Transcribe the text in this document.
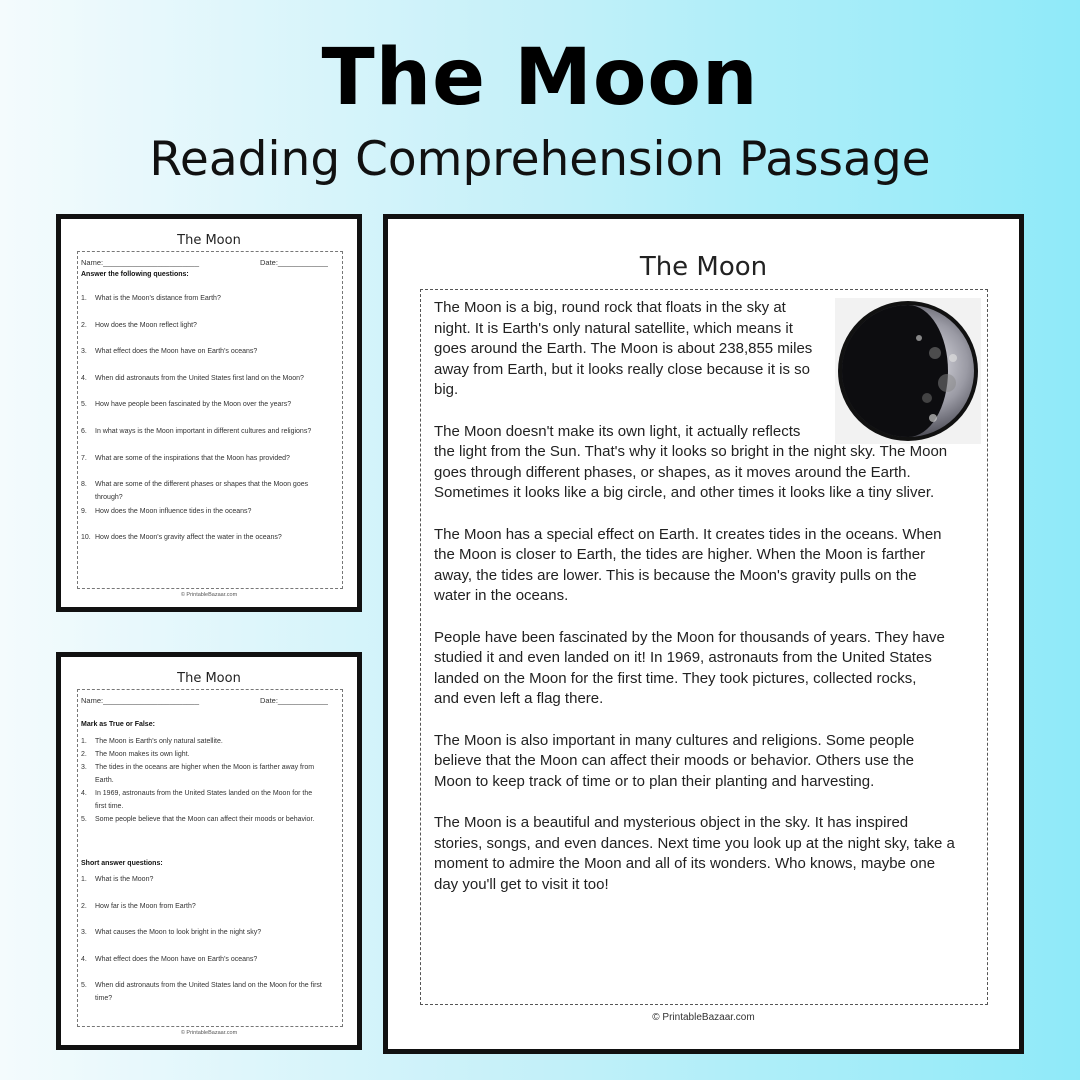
The Moon
Reading Comprehension Passage
The Moon
Name:_______________________	Date:____________
Answer the following questions:
1. What is the Moon's distance from Earth?
2. How does the Moon reflect light?
3. What effect does the Moon have on Earth's oceans?
4. When did astronauts from the United States first land on the Moon?
5. How have people been fascinated by the Moon over the years?
6. In what ways is the Moon important in different cultures and religions?
7. What are some of the inspirations that the Moon has provided?
8. What are some of the different phases or shapes that the Moon goes through?
9. How does the Moon influence tides in the oceans?
10. How does the Moon's gravity affect the water in the oceans?
© PrintableBazaar.com
The Moon
Name:_______________________	Date:____________
Mark as True or False:
1. The Moon is Earth's only natural satellite.
2. The Moon makes its own light.
3. The tides in the oceans are higher when the Moon is farther away from Earth.
4. In 1969, astronauts from the United States landed on the Moon for the first time.
5. Some people believe that the Moon can affect their moods or behavior.
Short answer questions:
1. What is the Moon?
2. How far is the Moon from Earth?
3. What causes the Moon to look bright in the night sky?
4. What effect does the Moon have on Earth's oceans?
5. When did astronauts from the United States land on the Moon for the first time?
© PrintableBazaar.com
The Moon
The Moon is a big, round rock that floats in the sky at
night. It is Earth's only natural satellite, which means it
goes around the Earth. The Moon is about 238,855 miles
away from Earth, but it looks really close because it is so
big.
The Moon doesn't make its own light, it actually reflects
the light from the Sun. That's why it looks so bright in the night sky. The Moon
goes through different phases, or shapes, as it moves around the Earth.
Sometimes it looks like a big circle, and other times it looks like a tiny sliver.
The Moon has a special effect on Earth. It creates tides in the oceans. When
the Moon is closer to Earth, the tides are higher. When the Moon is farther
away, the tides are lower. This is because the Moon's gravity pulls on the
water in the oceans.
People have been fascinated by the Moon for thousands of years. They have
studied it and even landed on it! In 1969, astronauts from the United States
landed on the Moon for the first time. They took pictures, collected rocks,
and even left a flag there.
The Moon is also important in many cultures and religions. Some people
believe that the Moon can affect their moods or behavior. Others use the
Moon to keep track of time or to plan their planting and harvesting.
The Moon is a beautiful and mysterious object in the sky. It has inspired
stories, songs, and even dances. Next time you look up at the night sky, take a
moment to admire the Moon and all of its wonders. Who knows, maybe one
day you'll get to visit it too!
© PrintableBazaar.com
